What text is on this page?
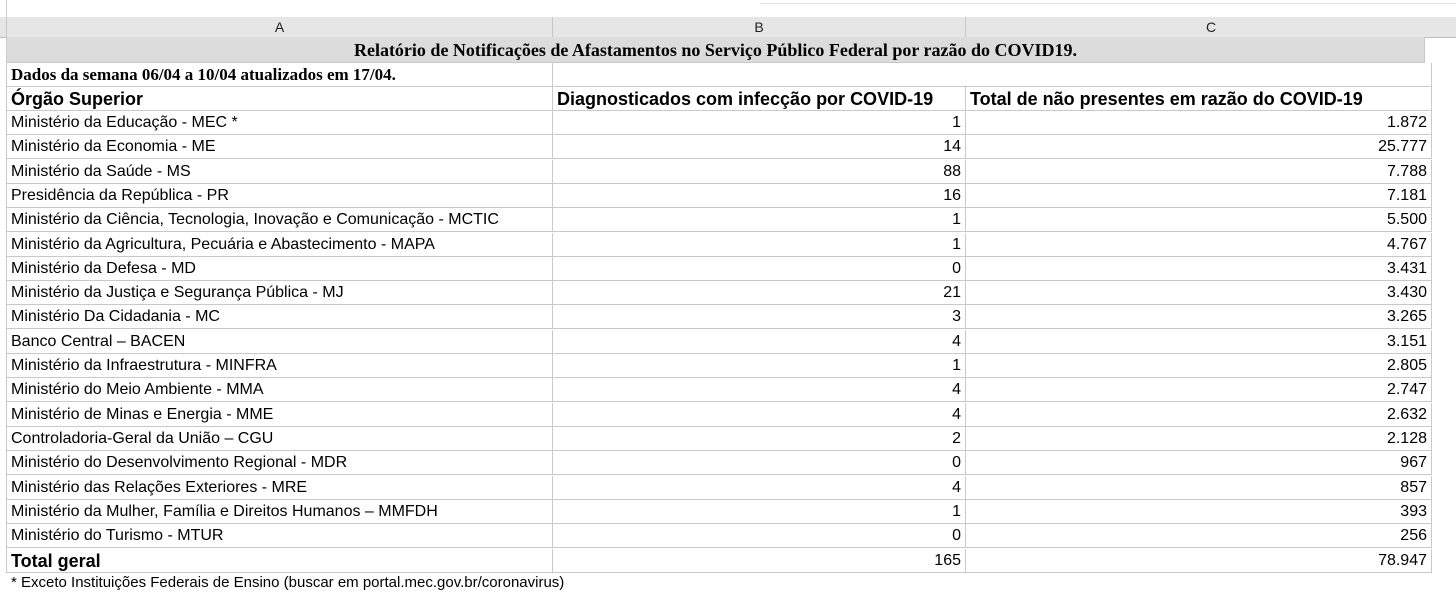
A	B	C
Relatório de Notificações de Afastamentos no Serviço Público Federal por razão do COVID19.
Dados da semana 06/04 a 10/04 atualizados em 17/04.
Órgão Superior	Diagnosticados com infecção por COVID-19	Total de não presentes em razão do COVID-19
Ministério da Educação - MEC *	1	1.872
Ministério da Economia - ME	14	25.777
Ministério da Saúde - MS	88	7.788
Presidência da República - PR	16	7.181
Ministério da Ciência, Tecnologia, Inovação e Comunicação - MCTIC	1	5.500
Ministério da Agricultura, Pecuária e Abastecimento - MAPA	1	4.767
Ministério da Defesa - MD	0	3.431
Ministério da Justiça e Segurança Pública - MJ	21	3.430
Ministério Da Cidadania - MC	3	3.265
Banco Central – BACEN	4	3.151
Ministério da Infraestrutura - MINFRA	1	2.805
Ministério do Meio Ambiente - MMA	4	2.747
Ministério de Minas e Energia - MME	4	2.632
Controladoria-Geral da União – CGU	2	2.128
Ministério do Desenvolvimento Regional - MDR	0	967
Ministério das Relações Exteriores - MRE	4	857
Ministério da Mulher, Família e Direitos Humanos – MMFDH	1	393
Ministério do Turismo - MTUR	0	256
Total geral	165	78.947
* Exceto Instituições Federais de Ensino (buscar em portal.mec.gov.br/coronavirus)
